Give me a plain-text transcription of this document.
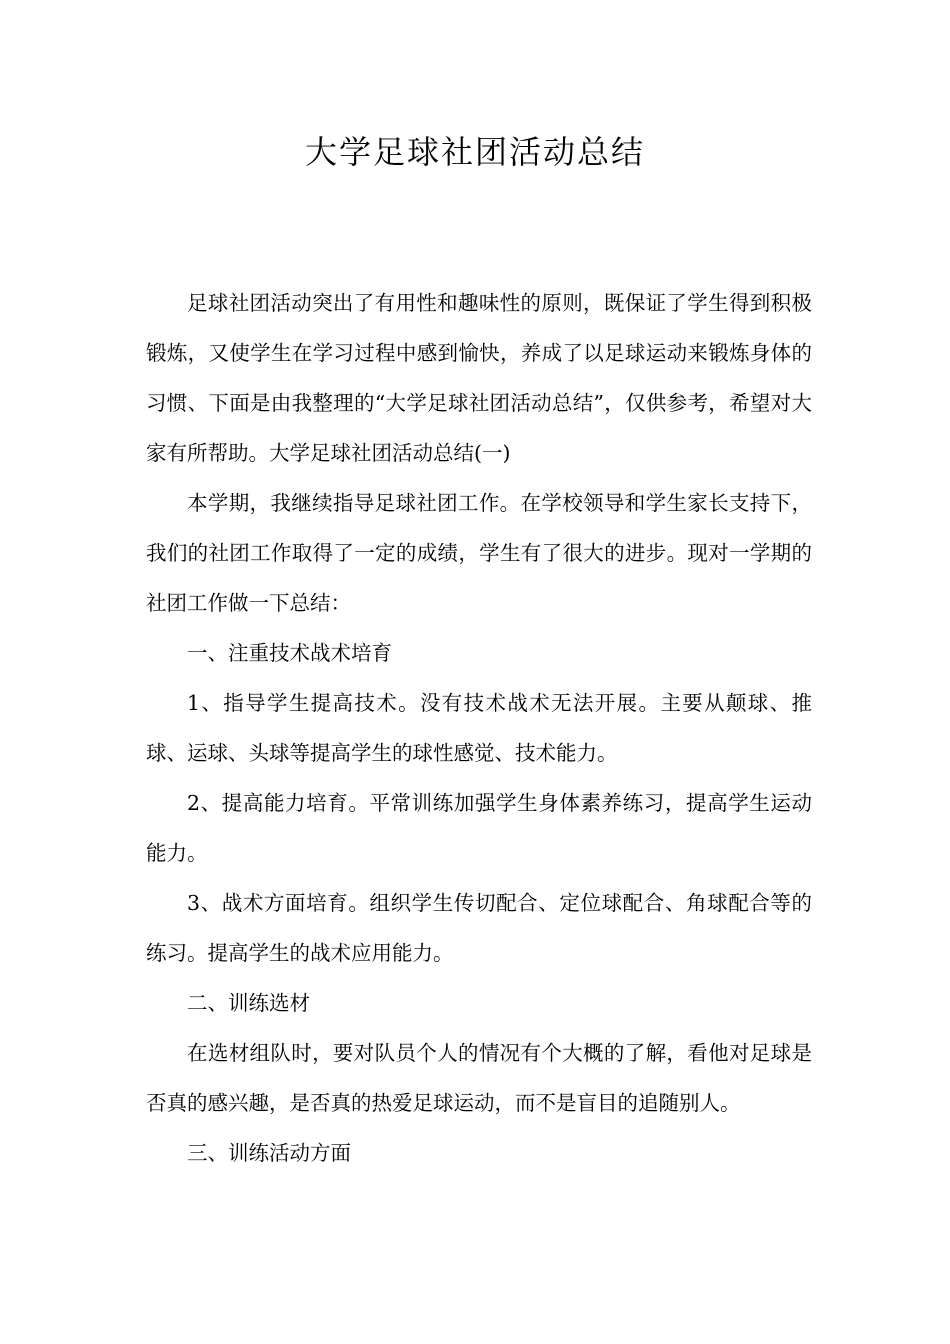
大学足球社团活动总结

足球社团活动突出了有用性和趣味性的原则，既保证了学生得到积极锻炼，又使学生在学习过程中感到愉快，养成了以足球运动来锻炼身体的习惯、下面是由我整理的“大学足球社团活动总结”，仅供参考，希望对大家有所帮助。大学足球社团活动总结(一)

本学期，我继续指导足球社团工作。在学校领导和学生家长支持下，我们的社团工作取得了一定的成绩，学生有了很大的进步。现对一学期的社团工作做一下总结：

一、注重技术战术培育

1、指导学生提高技术。没有技术战术无法开展。主要从颠球、推球、运球、头球等提高学生的球性感觉、技术能力。

2、提高能力培育。平常训练加强学生身体素养练习，提高学生运动能力。

3、战术方面培育。组织学生传切配合、定位球配合、角球配合等的练习。提高学生的战术应用能力。

二、训练选材

在选材组队时，要对队员个人的情况有个大概的了解，看他对足球是否真的感兴趣，是否真的热爱足球运动，而不是盲目的追随别人。

三、训练活动方面
